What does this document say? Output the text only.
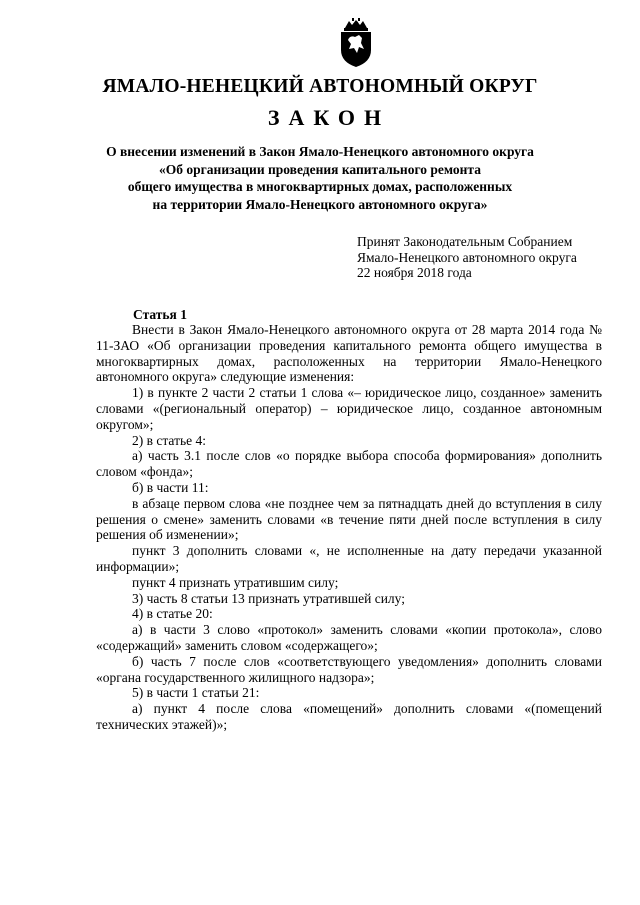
ЯМАЛО-НЕНЕЦКИЙ АВТОНОМНЫЙ ОКРУГ
ЗАКОН
О внесении изменений в Закон Ямало-Ненецкого автономного округа
«Об организации проведения капитального ремонта
общего имущества в многоквартирных домах, расположенных
на территории Ямало-Ненецкого автономного округа»
Принят Законодательным Собранием
Ямало-Ненецкого автономного округа
22 ноября 2018 года
Статья 1

Внести в Закон Ямало-Ненецкого автономного округа от 28 марта 2014 года № 11-ЗАО «Об организации проведения капитального ремонта общего имущества в многоквартирных домах, расположенных на территории Ямало-Ненецкого автономного округа» следующие изменения:

1) в пункте 2 части 2 статьи 1 слова «– юридическое лицо, созданное» заменить словами «(региональный оператор) – юридическое лицо, созданное автономным округом»;

2) в статье 4:

а) часть 3.1 после слов «о порядке выбора способа формирования» дополнить словом «фонда»;

б) в части 11:

в абзаце первом слова «не позднее чем за пятнадцать дней до вступления в силу решения о смене» заменить словами «в течение пяти дней после вступления в силу решения об изменении»;

пункт 3 дополнить словами «, не исполненные на дату передачи указанной информации»;

пункт 4 признать утратившим силу;

3) часть 8 статьи 13 признать утратившей силу;

4) в статье 20:

а) в части 3 слово «протокол» заменить словами «копии протокола», слово «содержащий» заменить словом «содержащего»;

б) часть 7 после слов «соответствующего уведомления» дополнить словами «органа государственного жилищного надзора»;

5) в части 1 статьи 21:

а) пункт 4 после слова «помещений» дополнить словами «(помещений технических этажей)»;
